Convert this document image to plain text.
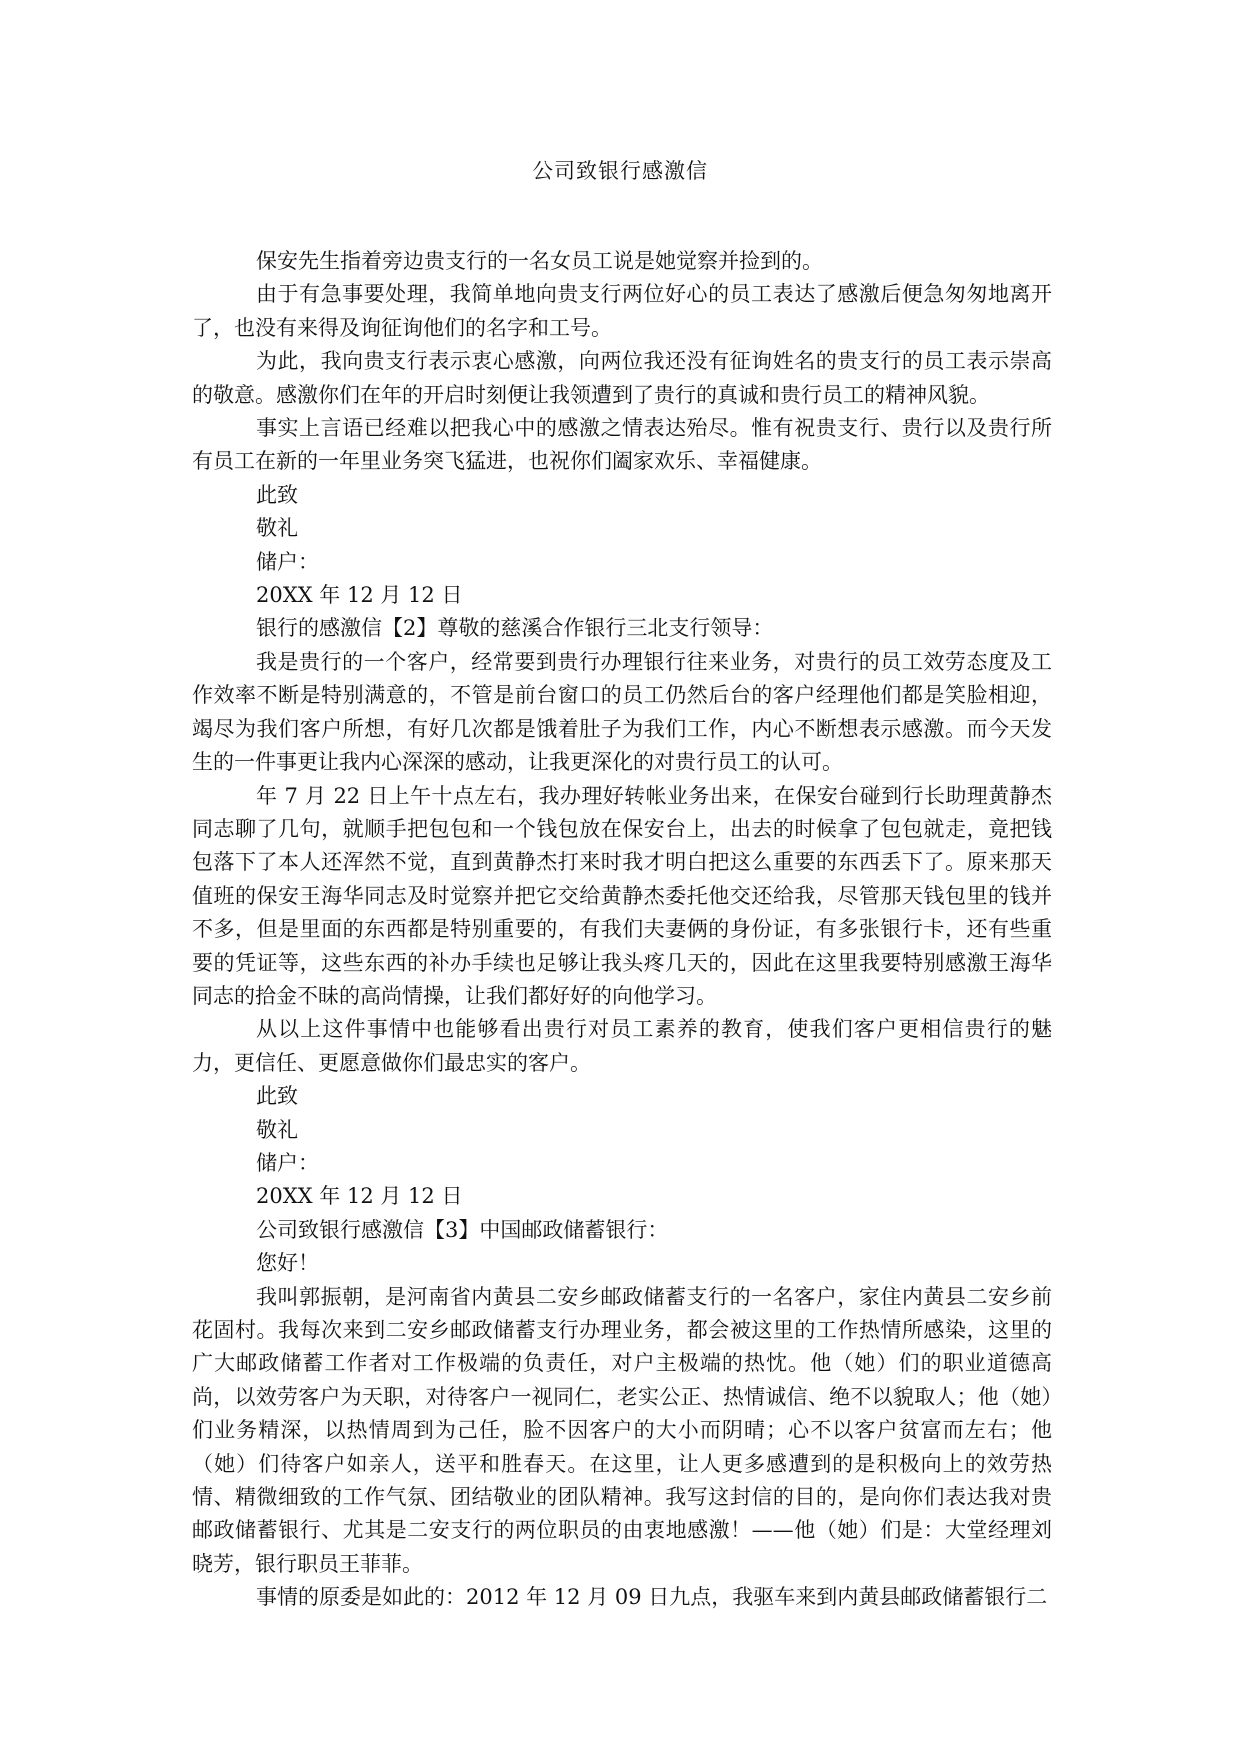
公司致银行感激信

保安先生指着旁边贵支行的一名女员工说是她觉察并捡到的。

由于有急事要处理，我简单地向贵支行两位好心的员工表达了感激后便急匆匆地离开了，也没有来得及询征询他们的名字和工号。

为此，我向贵支行表示衷心感激，向两位我还没有征询姓名的贵支行的员工表示崇高的敬意。感激你们在年的开启时刻便让我领遭到了贵行的真诚和贵行员工的精神风貌。

事实上言语已经难以把我心中的感激之情表达殆尽。惟有祝贵支行、贵行以及贵行所有员工在新的一年里业务突飞猛进，也祝你们阖家欢乐、幸福健康。

此致

敬礼

储户：

20XX 年 12 月 12 日

银行的感激信【2】尊敬的慈溪合作银行三北支行领导：

我是贵行的一个客户，经常要到贵行办理银行往来业务，对贵行的员工效劳态度及工作效率不断是特别满意的，不管是前台窗口的员工仍然后台的客户经理他们都是笑脸相迎，竭尽为我们客户所想，有好几次都是饿着肚子为我们工作，内心不断想表示感激。而今天发生的一件事更让我内心深深的感动，让我更深化的对贵行员工的认可。

年 7 月 22 日上午十点左右，我办理好转帐业务出来，在保安台碰到行长助理黄静杰同志聊了几句，就顺手把包包和一个钱包放在保安台上，出去的时候拿了包包就走，竟把钱包落下了本人还浑然不觉，直到黄静杰打来时我才明白把这么重要的东西丢下了。原来那天值班的保安王海华同志及时觉察并把它交给黄静杰委托他交还给我，尽管那天钱包里的钱并不多，但是里面的东西都是特别重要的，有我们夫妻俩的身份证，有多张银行卡，还有些重要的凭证等，这些东西的补办手续也足够让我头疼几天的，因此在这里我要特别感激王海华同志的拾金不昧的高尚情操，让我们都好好的向他学习。

从以上这件事情中也能够看出贵行对员工素养的教育，使我们客户更相信贵行的魅力，更信任、更愿意做你们最忠实的客户。

此致

敬礼

储户：

20XX 年 12 月 12 日

公司致银行感激信【3】中国邮政储蓄银行：

您好！

我叫郭振朝，是河南省内黄县二安乡邮政储蓄支行的一名客户，家住内黄县二安乡前花固村。我每次来到二安乡邮政储蓄支行办理业务，都会被这里的工作热情所感染，这里的广大邮政储蓄工作者对工作极端的负责任，对户主极端的热忱。他（她）们的职业道德高尚，以效劳客户为天职，对待客户一视同仁，老实公正、热情诚信、绝不以貌取人；他（她）们业务精深，以热情周到为己任，脸不因客户的大小而阴晴；心不以客户贫富而左右；他（她）们待客户如亲人，送平和胜春天。在这里，让人更多感遭到的是积极向上的效劳热情、精微细致的工作气氛、团结敬业的团队精神。我写这封信的目的，是向你们表达我对贵邮政储蓄银行、尤其是二安支行的两位职员的由衷地感激！——他（她）们是：大堂经理刘晓芳，银行职员王菲菲。

事情的原委是如此的：2012 年 12 月 09 日九点，我驱车来到内黄县邮政储蓄银行二
